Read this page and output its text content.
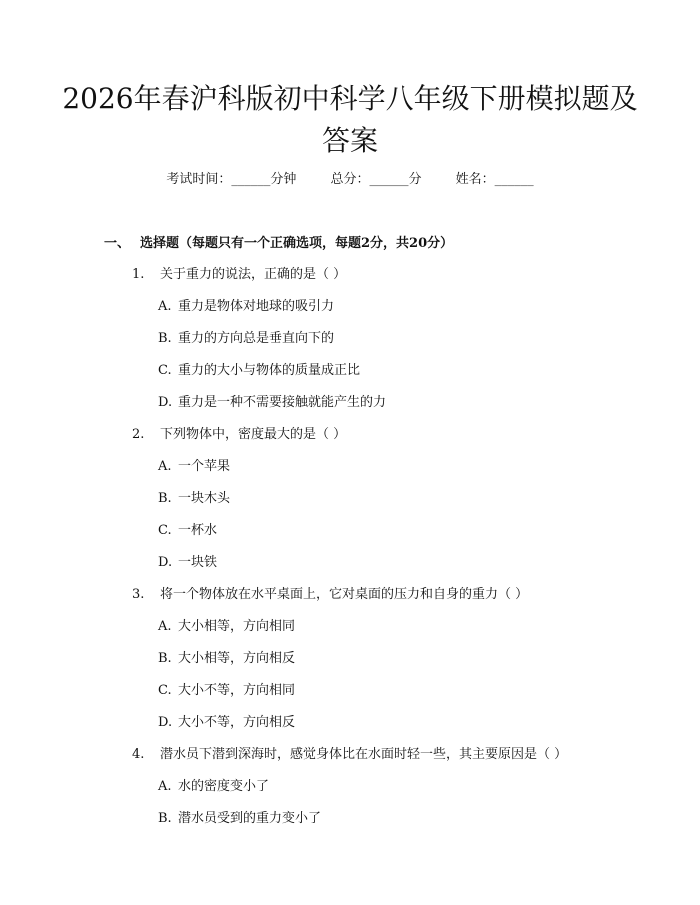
2026年春沪科版初中科学八年级下册模拟题及答案
考试时间：______分钟	总分：______分	姓名：______
一、 选择题（每题只有一个正确选项，每题2分，共20分）
1. 关于重力的说法，正确的是（ ）
A. 重力是物体对地球的吸引力
B. 重力的方向总是垂直向下的
C. 重力的大小与物体的质量成正比
D. 重力是一种不需要接触就能产生的力
2. 下列物体中，密度最大的是（ ）
A. 一个苹果
B. 一块木头
C. 一杯水
D. 一块铁
3. 将一个物体放在水平桌面上，它对桌面的压力和自身的重力（ ）
A. 大小相等，方向相同
B. 大小相等，方向相反
C. 大小不等，方向相同
D. 大小不等，方向相反
4. 潜水员下潜到深海时，感觉身体比在水面时轻一些，其主要原因是（ ）
A. 水的密度变小了
B. 潜水员受到的重力变小了
